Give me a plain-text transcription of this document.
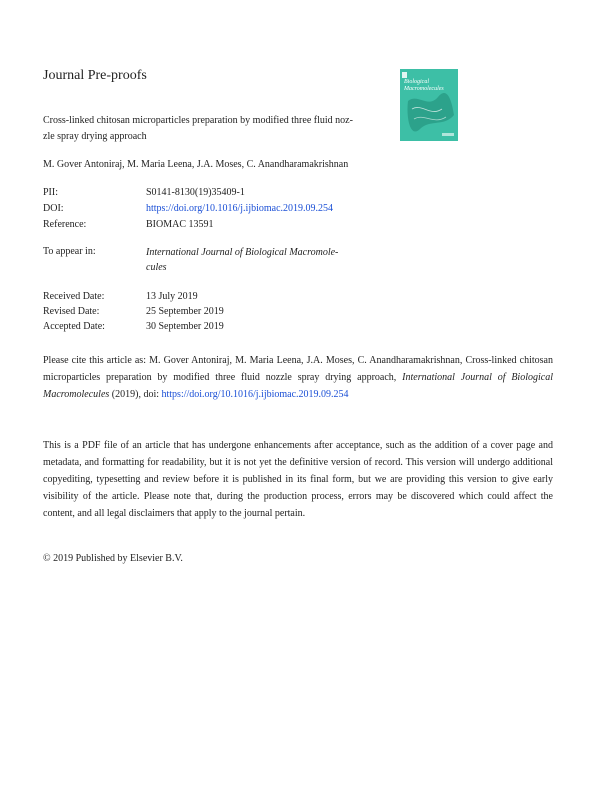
Journal Pre-proofs	Biological
Macromolecules
Cross-linked chitosan microparticles preparation by modified three fluid noz-
zle spray drying approach
M. Gover Antoniraj, M. Maria Leena, J.A. Moses, C. Anandharamakrishnan
PII:	S0141-8130(19)35409-1
DOI:	https://doi.org/10.1016/j.ijbiomac.2019.09.254
Reference:	BIOMAC 13591
To appear in:	International Journal of Biological Macromole-
cules
Received Date:	13 July 2019
Revised Date:	25 September 2019
Accepted Date:	30 September 2019
Please cite this article as: M. Gover Antoniraj, M. Maria Leena, J.A. Moses, C. Anandharamakrishnan, Cross-linked chitosan microparticles preparation by modified three fluid nozzle spray drying approach, International Journal of Biological Macromolecules (2019), doi: https://doi.org/10.1016/j.ijbiomac.2019.09.254
This is a PDF file of an article that has undergone enhancements after acceptance, such as the addition of a cover page and metadata, and formatting for readability, but it is not yet the definitive version of record. This version will undergo additional copyediting, typesetting and review before it is published in its final form, but we are providing this version to give early visibility of the article. Please note that, during the production process, errors may be discovered which could affect the content, and all legal disclaimers that apply to the journal pertain.
© 2019 Published by Elsevier B.V.
